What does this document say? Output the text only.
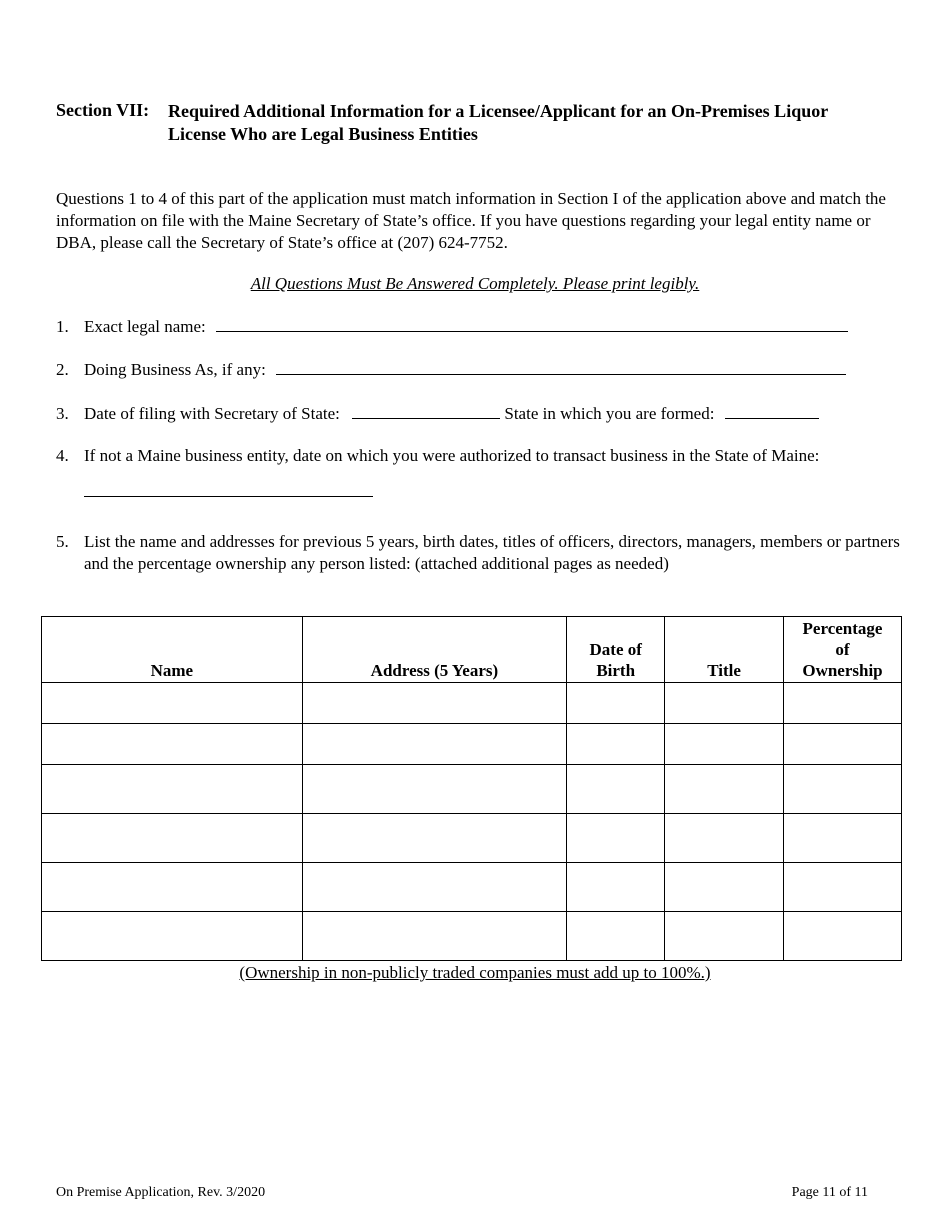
Section VII: Required Additional Information for a Licensee/Applicant for an On-Premises Liquor License Who are Legal Business Entities
Questions 1 to 4 of this part of the application must match information in Section I of the application above and match the information on file with the Maine Secretary of State’s office. If you have questions regarding your legal entity name or DBA, please call the Secretary of State’s office at (207) 624-7752.
All Questions Must Be Answered Completely. Please print legibly.
1. Exact legal name:
2. Doing Business As, if any:
3. Date of filing with Secretary of State:	State in which you are formed:
4. If not a Maine business entity, date on which you were authorized to transact business in the State of Maine:
5. List the name and addresses for previous 5 years, birth dates, titles of officers, directors, managers, members or partners and the percentage ownership any person listed: (attached additional pages as needed)
Name	Address (5 Years)	Date of Birth	Title	Percentage of Ownership

(Ownership in non-publicly traded companies must add up to 100%.)
On Premise Application, Rev. 3/2020	Page 11 of 11
